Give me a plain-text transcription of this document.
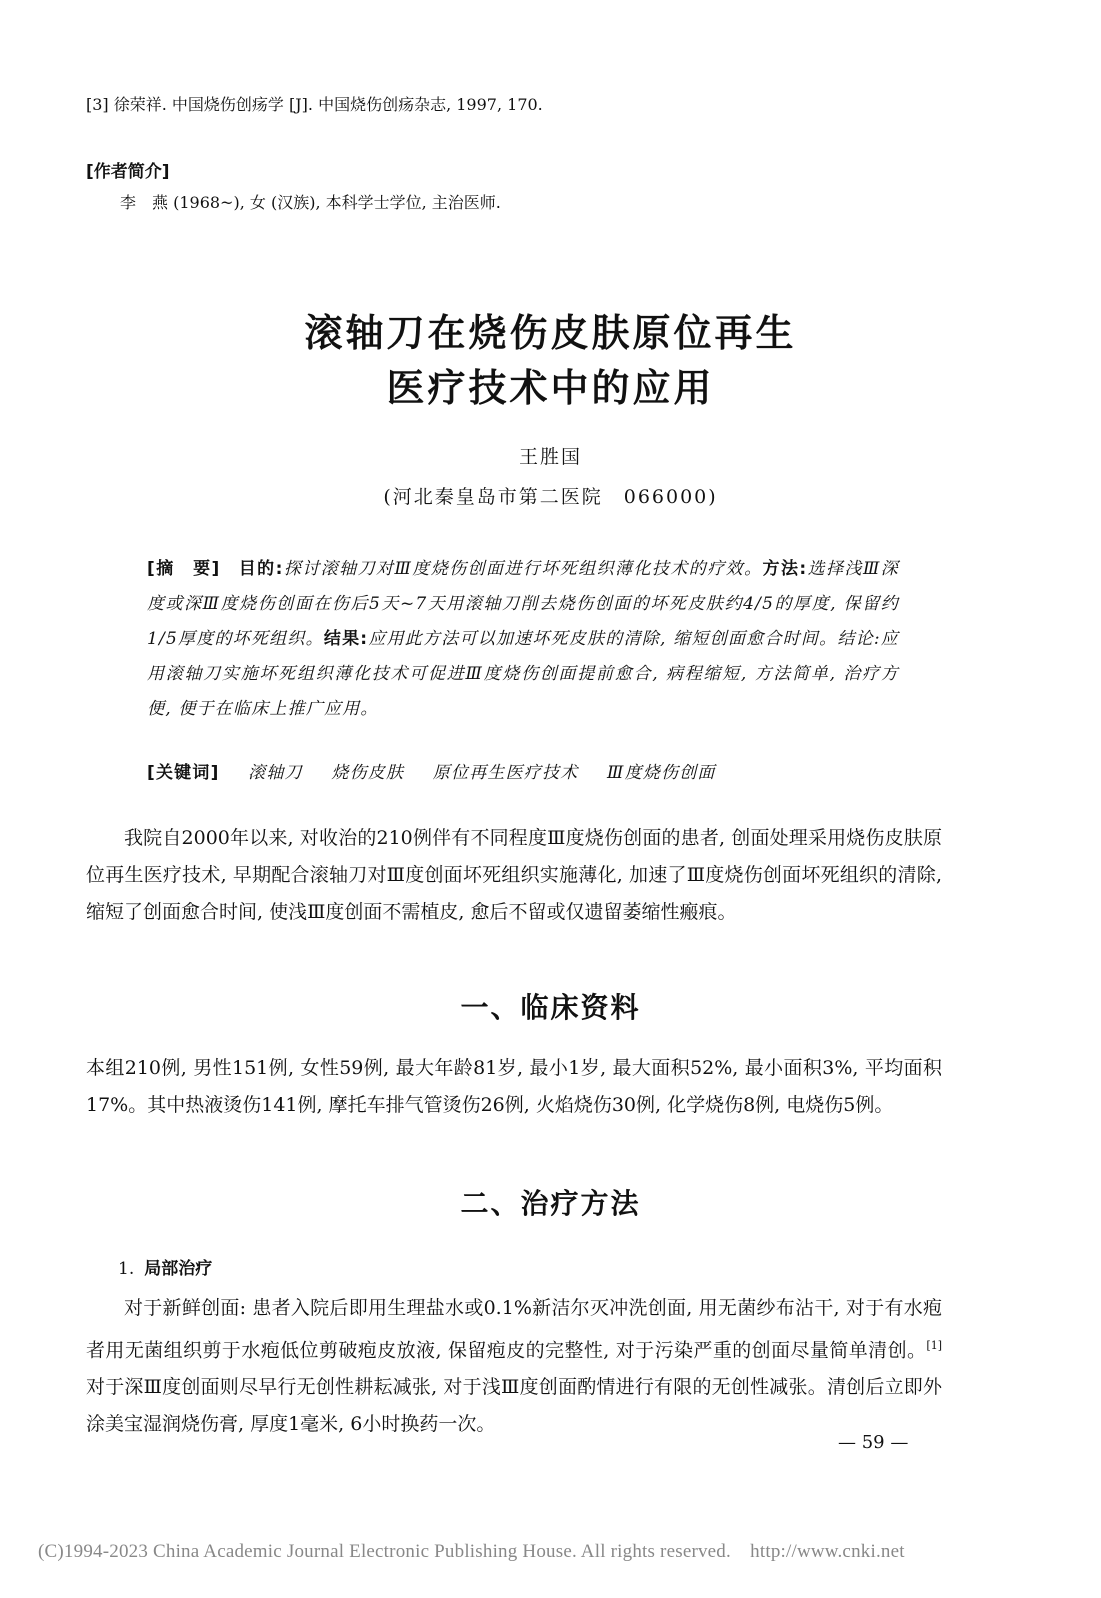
[3] 徐荣祥. 中国烧伤创疡学 [J]. 中国烧伤创疡杂志, 1997, 170.
[作者简介]
李　燕 (1968~), 女 (汉族), 本科学士学位, 主治医师.
滚轴刀在烧伤皮肤原位再生
医疗技术中的应用
王胜国
(河北秦皇岛市第二医院　066000)
[摘　要] 目的:探讨滚轴刀对Ⅲ度烧伤创面进行坏死组织薄化技术的疗效。方法:选择浅Ⅲ深度或深Ⅲ度烧伤创面在伤后5天~7天用滚轴刀削去烧伤创面的坏死皮肤约4/5的厚度, 保留约1/5厚度的坏死组织。结果:应用此方法可以加速坏死皮肤的清除, 缩短创面愈合时间。结论:应用滚轴刀实施坏死组织薄化技术可促进Ⅲ度烧伤创面提前愈合, 病程缩短, 方法简单, 治疗方便, 便于在临床上推广应用。
[关键词] 滚轴刀 烧伤皮肤 原位再生医疗技术 Ⅲ度烧伤创面
我院自2000年以来, 对收治的210例伴有不同程度Ⅲ度烧伤创面的患者, 创面处理采用烧伤皮肤原位再生医疗技术, 早期配合滚轴刀对Ⅲ度创面坏死组织实施薄化, 加速了Ⅲ度烧伤创面坏死组织的清除, 缩短了创面愈合时间, 使浅Ⅲ度创面不需植皮, 愈后不留或仅遗留萎缩性瘢痕。
一、临床资料
本组210例, 男性151例, 女性59例, 最大年龄81岁, 最小1岁, 最大面积52%, 最小面积3%, 平均面积17%。其中热液烫伤141例, 摩托车排气管烫伤26例, 火焰烧伤30例, 化学烧伤8例, 电烧伤5例。
二、治疗方法
1. 局部治疗
对于新鲜创面: 患者入院后即用生理盐水或0.1%新洁尔灭冲洗创面, 用无菌纱布沾干, 对于有水疱者用无菌组织剪于水疱低位剪破疱皮放液, 保留疱皮的完整性, 对于污染严重的创面尽量简单清创。[1]对于深Ⅲ度创面则尽早行无创性耕耘减张, 对于浅Ⅲ度创面酌情进行有限的无创性减张。清创后立即外涂美宝湿润烧伤膏, 厚度1毫米, 6小时换药一次。
— 59 —
(C)1994-2023 China Academic Journal Electronic Publishing House. All rights reserved.　http://www.cnki.net
